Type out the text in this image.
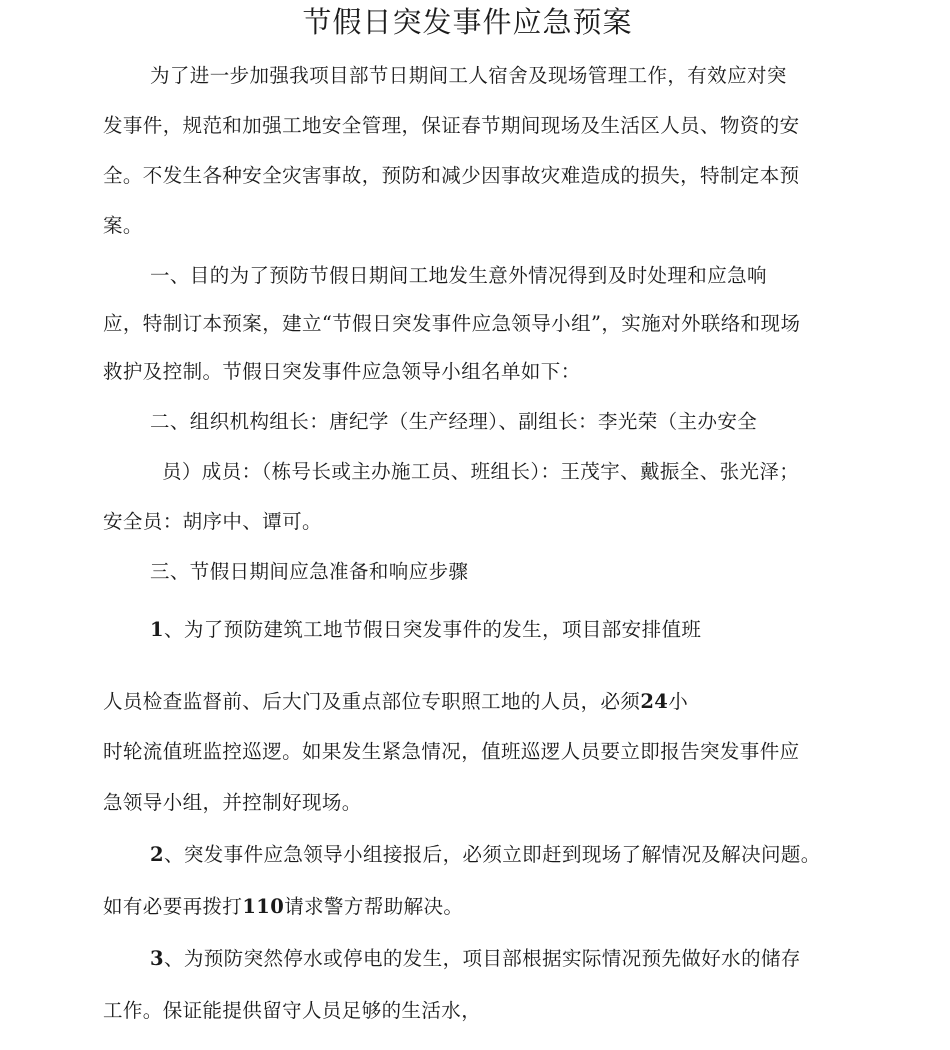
节假日突发事件应急预案
为了进一步加强我项目部节日期间工人宿舍及现场管理工作，有效应对突
发事件，规范和加强工地安全管理，保证春节期间现场及生活区人员、物资的安
全。不发生各种安全灾害事故，预防和减少因事故灾难造成的损失，特制定本预
案。
一、目的为了预防节假日期间工地发生意外情况得到及时处理和应急响
应，特制订本预案，建立“节假日突发事件应急领导小组”，实施对外联络和现场
救护及控制。节假日突发事件应急领导小组名单如下：
二、组织机构组长：唐纪学（生产经理）、副组长：李光荣（主办安全
员）成员：（栋号长或主办施工员、班组长）：王茂宇、戴振全、张光泽；
安全员：胡序中、谭可。
三、节假日期间应急准备和响应步骤
1、为了预防建筑工地节假日突发事件的发生，项目部安排值班
人员检查监督前、后大门及重点部位专职照工地的人员，必须24小
时轮流值班监控巡逻。如果发生紧急情况，值班巡逻人员要立即报告突发事件应
急领导小组，并控制好现场。
2、突发事件应急领导小组接报后，必须立即赶到现场了解情况及解决问题。
如有必要再拨打110请求警方帮助解决。
3、为预防突然停水或停电的发生，项目部根据实际情况预先做好水的储存
工作。保证能提供留守人员足够的生活水，
